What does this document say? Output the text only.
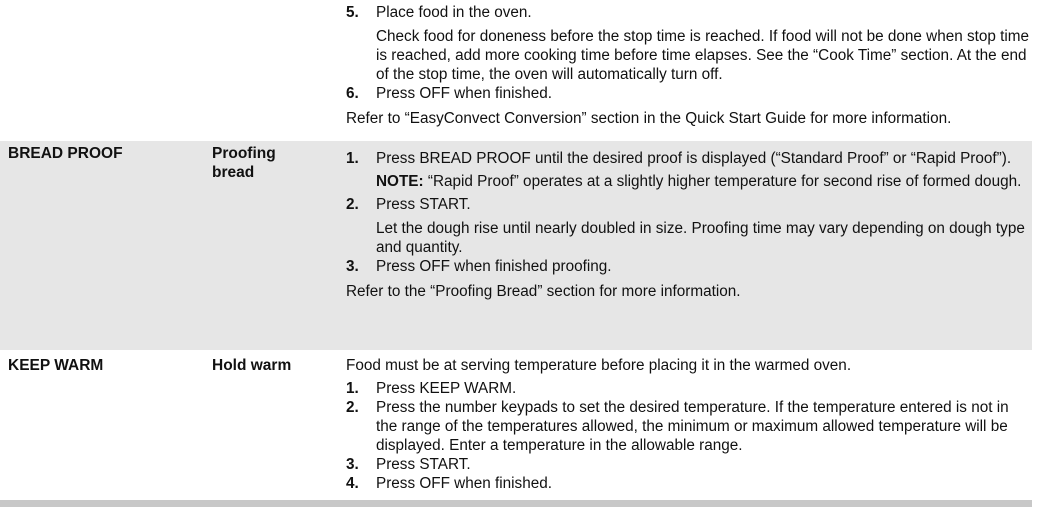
5. Place food in the oven.
Check food for doneness before the stop time is reached. If food will not be done when stop time is reached, add more cooking time before time elapses. See the “Cook Time” section. At the end of the stop time, the oven will automatically turn off.
6. Press OFF when finished.
Refer to “EasyConvect Conversion” section in the Quick Start Guide for more information.
BREAD PROOF	Proofing bread
1. Press BREAD PROOF until the desired proof is displayed (“Standard Proof” or “Rapid Proof”).
NOTE: “Rapid Proof” operates at a slightly higher temperature for second rise of formed dough.
2. Press START.
Let the dough rise until nearly doubled in size. Proofing time may vary depending on dough type and quantity.
3. Press OFF when finished proofing.
Refer to the “Proofing Bread” section for more information.
KEEP WARM	Hold warm	Food must be at serving temperature before placing it in the warmed oven.
1. Press KEEP WARM.
2. Press the number keypads to set the desired temperature. If the temperature entered is not in the range of the temperatures allowed, the minimum or maximum allowed temperature will be displayed. Enter a temperature in the allowable range.
3. Press START.
4. Press OFF when finished.
